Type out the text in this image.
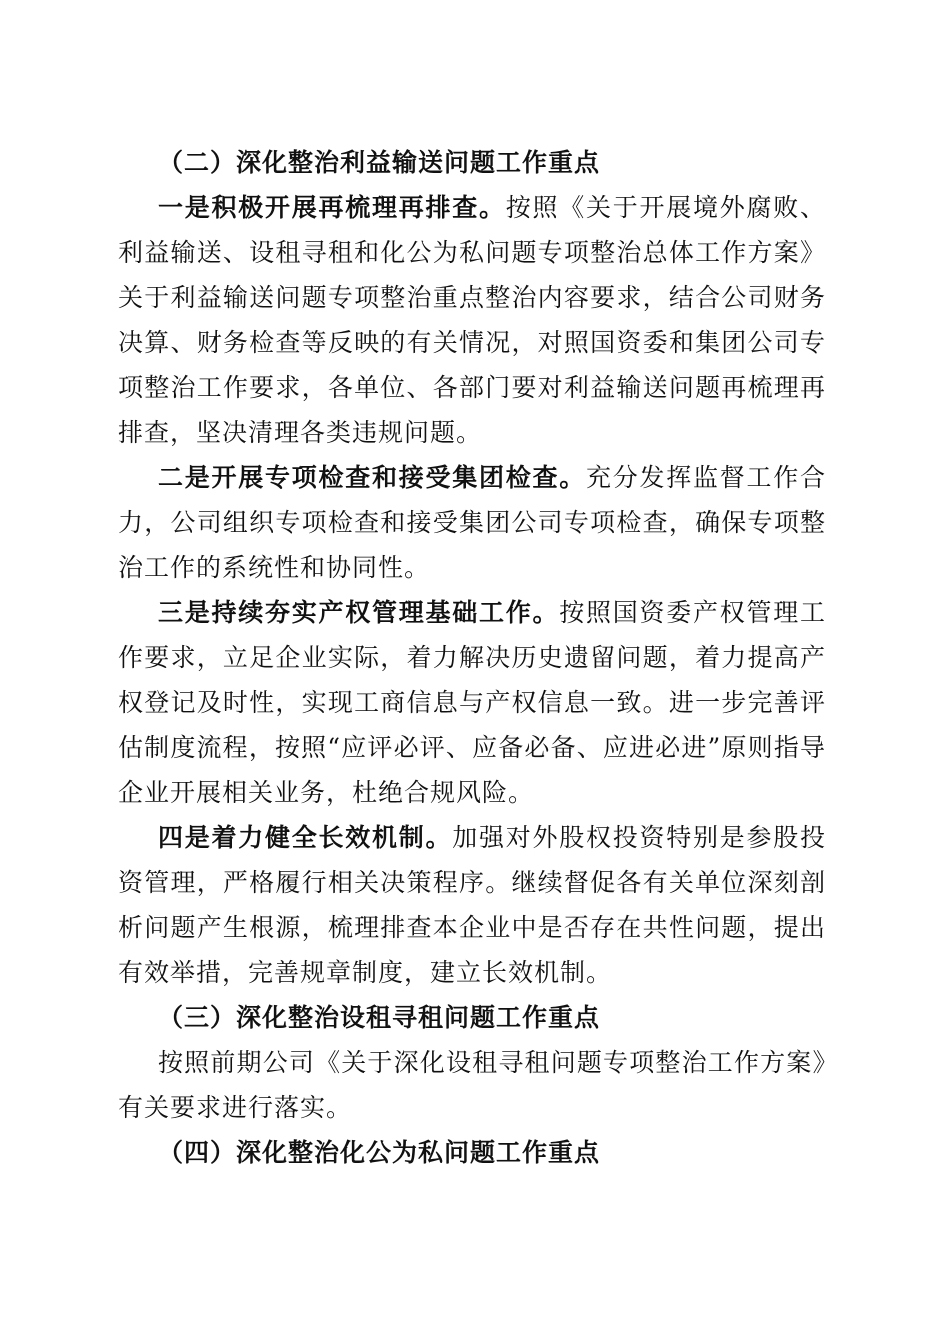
（二）深化整治利益输送问题工作重点

一是积极开展再梳理再排查。按照《关于开展境外腐败、利益输送、设租寻租和化公为私问题专项整治总体工作方案》关于利益输送问题专项整治重点整治内容要求，结合公司财务决算、财务检查等反映的有关情况，对照国资委和集团公司专项整治工作要求，各单位、各部门要对利益输送问题再梳理再排查，坚决清理各类违规问题。

二是开展专项检查和接受集团检查。充分发挥监督工作合力，公司组织专项检查和接受集团公司专项检查，确保专项整治工作的系统性和协同性。

三是持续夯实产权管理基础工作。按照国资委产权管理工作要求，立足企业实际，着力解决历史遗留问题，着力提高产权登记及时性，实现工商信息与产权信息一致。进一步完善评估制度流程，按照“应评必评、应备必备、应进必进”原则指导企业开展相关业务，杜绝合规风险。

四是着力健全长效机制。加强对外股权投资特别是参股投资管理，严格履行相关决策程序。继续督促各有关单位深刻剖析问题产生根源，梳理排查本企业中是否存在共性问题，提出有效举措，完善规章制度，建立长效机制。

（三）深化整治设租寻租问题工作重点

按照前期公司《关于深化设租寻租问题专项整治工作方案》有关要求进行落实。

（四）深化整治化公为私问题工作重点
